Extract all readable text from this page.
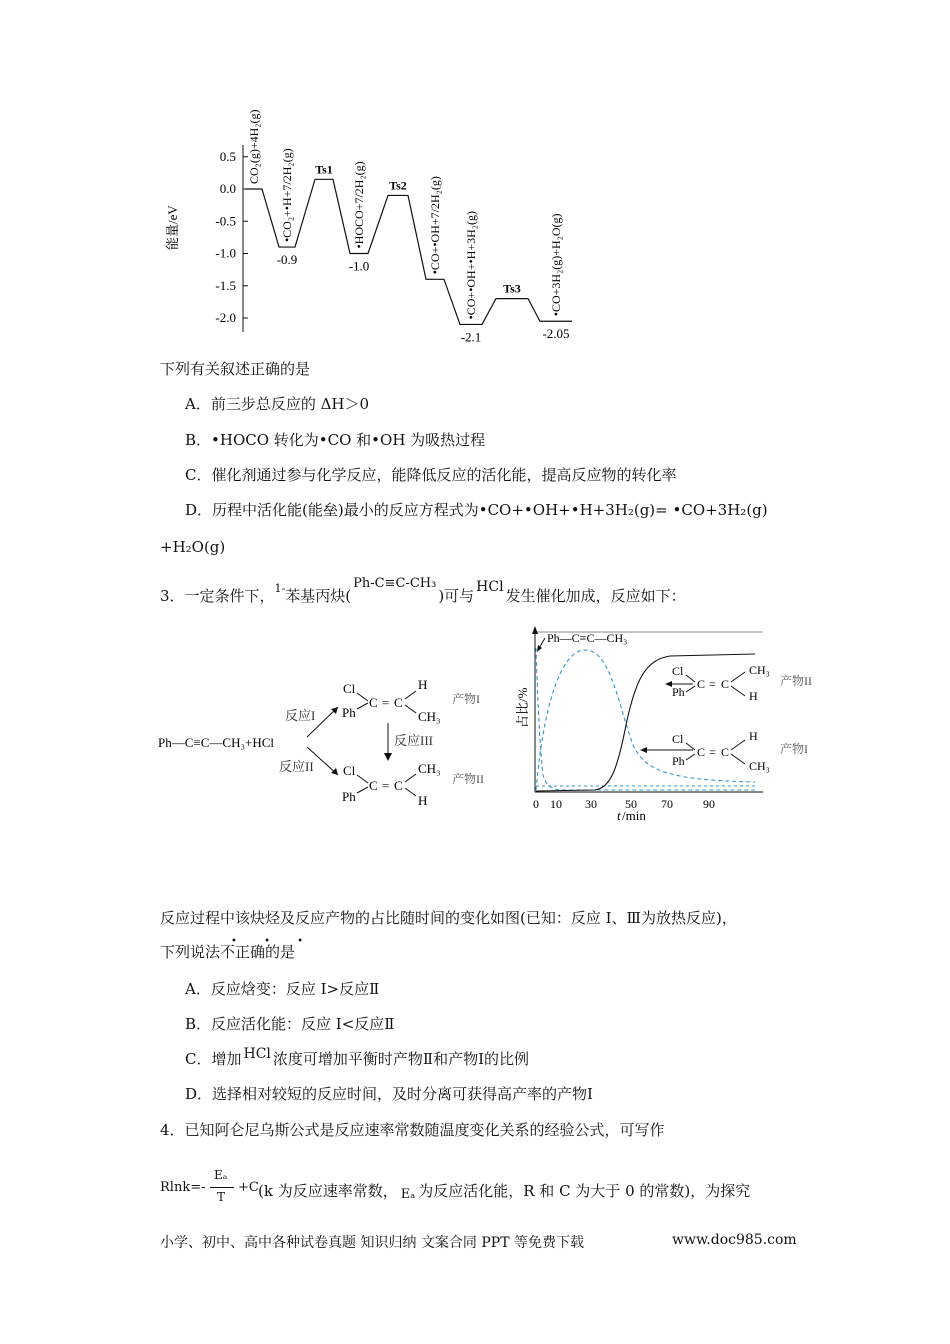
能量/eV
0.5
0.0
-0.5
-1.0
-1.5
-2.0
CO₂(g)+4H₂(g)
•CO₂+•H+7/2H₂(g) Ts1 •HOCO+7/2H₂(g) Ts2 •CO+•OH+7/2H₂(g) •CO+•OH+•H+3H₂(g) Ts3 •CO+3H₂(g)+H₂O(g)
-0.9	-1.0
-2.1	-2.05
下列有关叙述正确的是
A．前三步总反应的 ΔH＞0
B．•HOCO 转化为•CO 和•OH 为吸热过程
C．催化剂通过参与化学反应，能降低反应的活化能，提高反应物的转化率
D．历程中活化能(能垒)最小的反应方程式为•CO+•OH+•H+3H₂(g)= •CO+3H₂(g)
+H₂O(g)
3．一定条件下，$^{1-}$苯基丙炔(Ph-C≡C-CH₃)可与 HCl 发生催化加成，反应如下：
Ph—C≡C—CH₃+HCl
反应I
反应II
Cl
Ph
C = C
H
CH₃
产物I
反应III
Cl
Ph
C = C
CH₃
H
产物II
占比/%
0 10 30 50 70	90
t /min
Ph—C≡C—CH₃
Cl
Ph
C = C
CH₃
H
产物II
Cl
Ph
C = C
H
CH₃
产物I
反应过程中该炔烃及反应产物的占比随时间的变化如图(已知：反应 I、Ⅲ为放热反应)，
下列说法不正确的是
• • •
A．反应焓变：反应 I>反应Ⅱ
B．反应活化能：反应 I<反应Ⅱ
C．增加 HCl 浓度可增加平衡时产物Ⅱ和产物Ⅰ的比例
D．选择相对较短的反应时间，及时分离可获得高产率的产物Ⅰ
4．已知阿仑尼乌斯公式是反应速率常数随温度变化关系的经验公式，可写作
Rlnk=-
Eₐ
T
+C (k 为反应速率常数， Eₐ 为反应活化能，R 和 C 为大于 0 的常数)，为探究
小学、初中、高中各种试卷真题 知识归纳 文案合同 PPT 等免费下载	www.doc985.com
